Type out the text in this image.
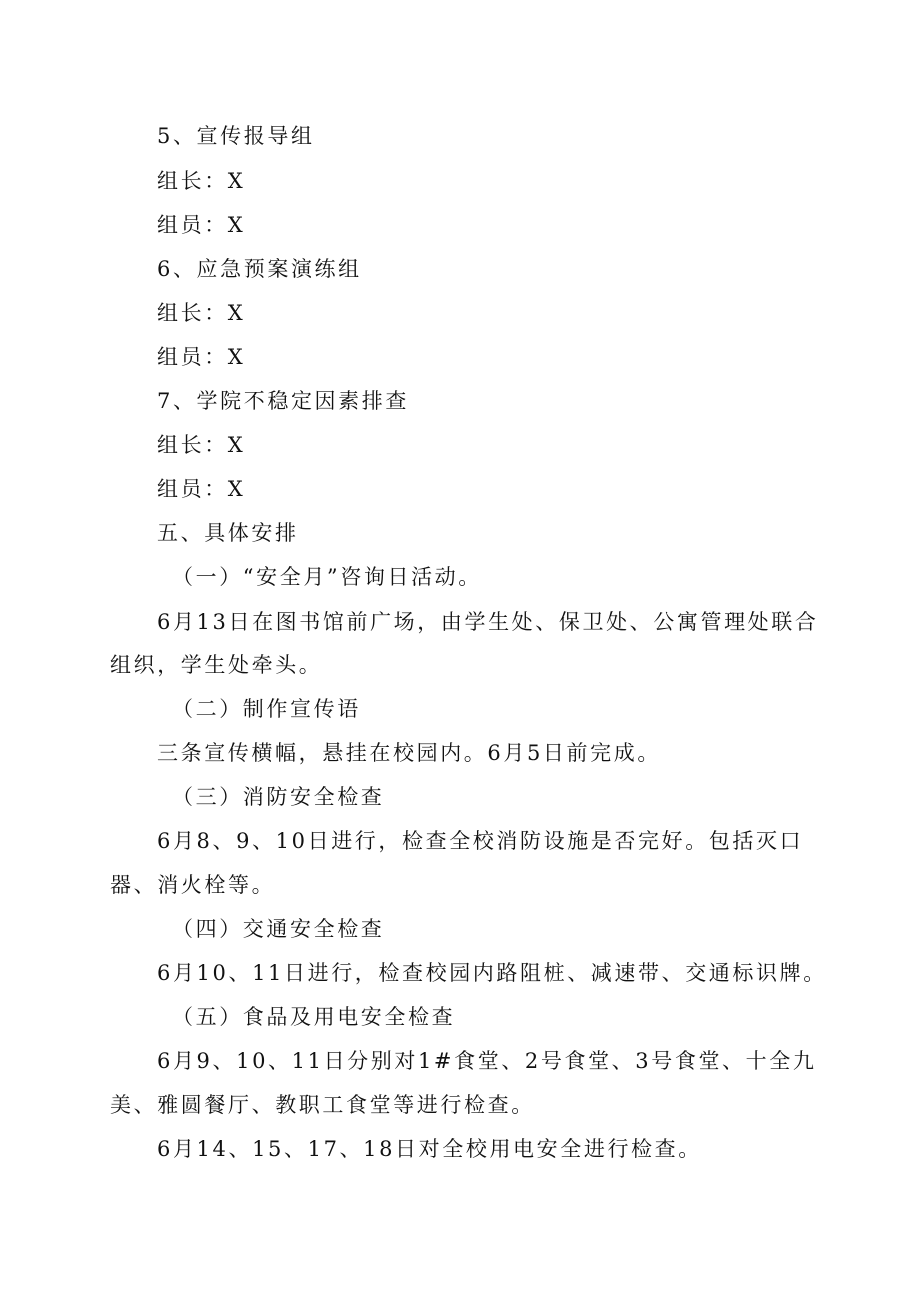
5、宣传报导组
组长：X
组员：X
6、应急预案演练组
组长：X
组员：X
7、学院不稳定因素排查
组长：X
组员：X
五、具体安排
（一）“安全月”咨询日活动。
6月13日在图书馆前广场，由学生处、保卫处、公寓管理处联合
组织，学生处牵头。
（二）制作宣传语
三条宣传横幅，悬挂在校园内。6月5日前完成。
（三）消防安全检查
6月8、9、10日进行，检查全校消防设施是否完好。包括灭口
器、消火栓等。
（四）交通安全检查
6月10、11日进行，检查校园内路阻桩、减速带、交通标识牌。
（五）食品及用电安全检查
6月9、10、11日分别对1#食堂、2号食堂、3号食堂、十全九
美、雅圆餐厅、教职工食堂等进行检查。
6月14、15、17、18日对全校用电安全进行检查。
